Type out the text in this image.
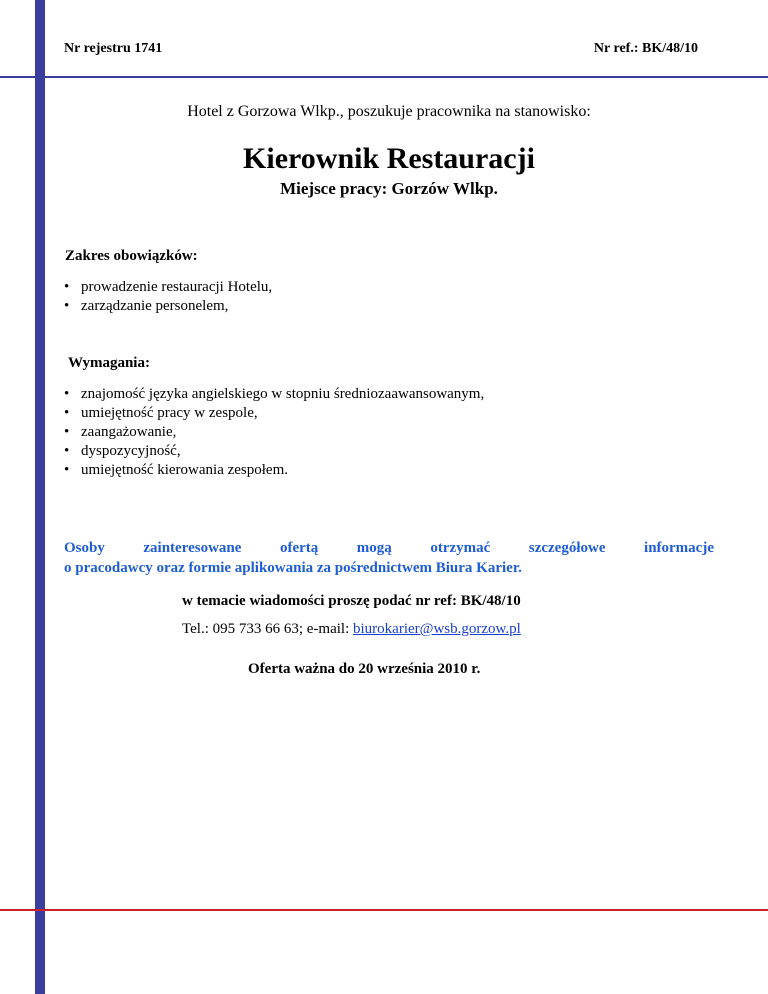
Nr rejestru 1741	Nr ref.: BK/48/10
Hotel z Gorzowa Wlkp., poszukuje pracownika na stanowisko:
Kierownik Restauracji
Miejsce pracy: Gorzów Wlkp.
Zakres obowiązków:
• prowadzenie restauracji Hotelu,
• zarządzanie personelem,
Wymagania:
• znajomość języka angielskiego w stopniu średniozaawansowanym,
• umiejętność pracy w zespole,
• zaangażowanie,
• dyspozycyjność,
• umiejętność kierowania zespołem.
Osoby zainteresowane ofertą mogą otrzymać szczegółowe informacje
o pracodawcy oraz formie aplikowania za pośrednictwem Biura Karier.
w temacie wiadomości proszę podać nr ref: BK/48/10
Tel.: 095 733 66 63; e-mail: biurokarier@wsb.gorzow.pl
Oferta ważna do 20 września 2010 r.
